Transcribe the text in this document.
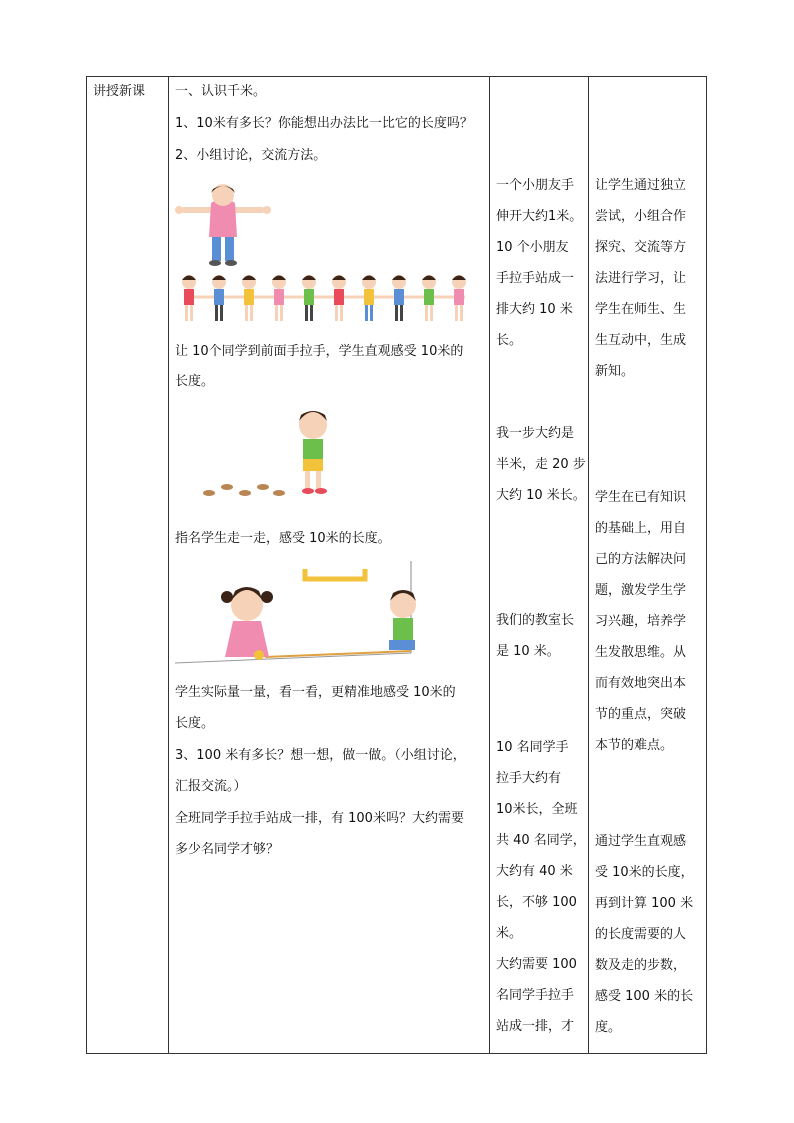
讲授新课 一、认识千米。
1、10米有多长？你能想出办法比一比它的长度吗？
2、小组讨论，交流方法。
让 10个同学到前面手拉手，学生直观感受 10米的
长度。
指名学生走一走，感受 10米的长度。
学生实际量一量，看一看，更精准地感受 10米的
长度。
3、100 米有多长？想一想，做一做。（小组讨论，
汇报交流。）
全班同学手拉手站成一排，有 100米吗？大约需要
多少名同学才够？
一个小朋友手
伸开大约1米。
10 个小朋友
手拉手站成一
排大约 10 米
长。
我一步大约是
半米，走 20 步
大约 10 米长。
我们的教室长
是 10 米。
10 名同学手
拉手大约有
10米长，全班
共 40 名同学，
大约有 40 米
长，不够 100
米。
大约需要 100
名同学手拉手
站成一排，才
让学生通过独立
尝试，小组合作
探究、交流等方
法进行学习，让
学生在师生、生
生互动中，生成
新知。
学生在已有知识
的基础上，用自
己的方法解决问
题，激发学生学
习兴趣，培养学
生发散思维。从
而有效地突出本
节的重点，突破
本节的难点。
通过学生直观感
受 10米的长度，
再到计算 100 米
的长度需要的人
数及走的步数，
感受 100 米的长
度。
